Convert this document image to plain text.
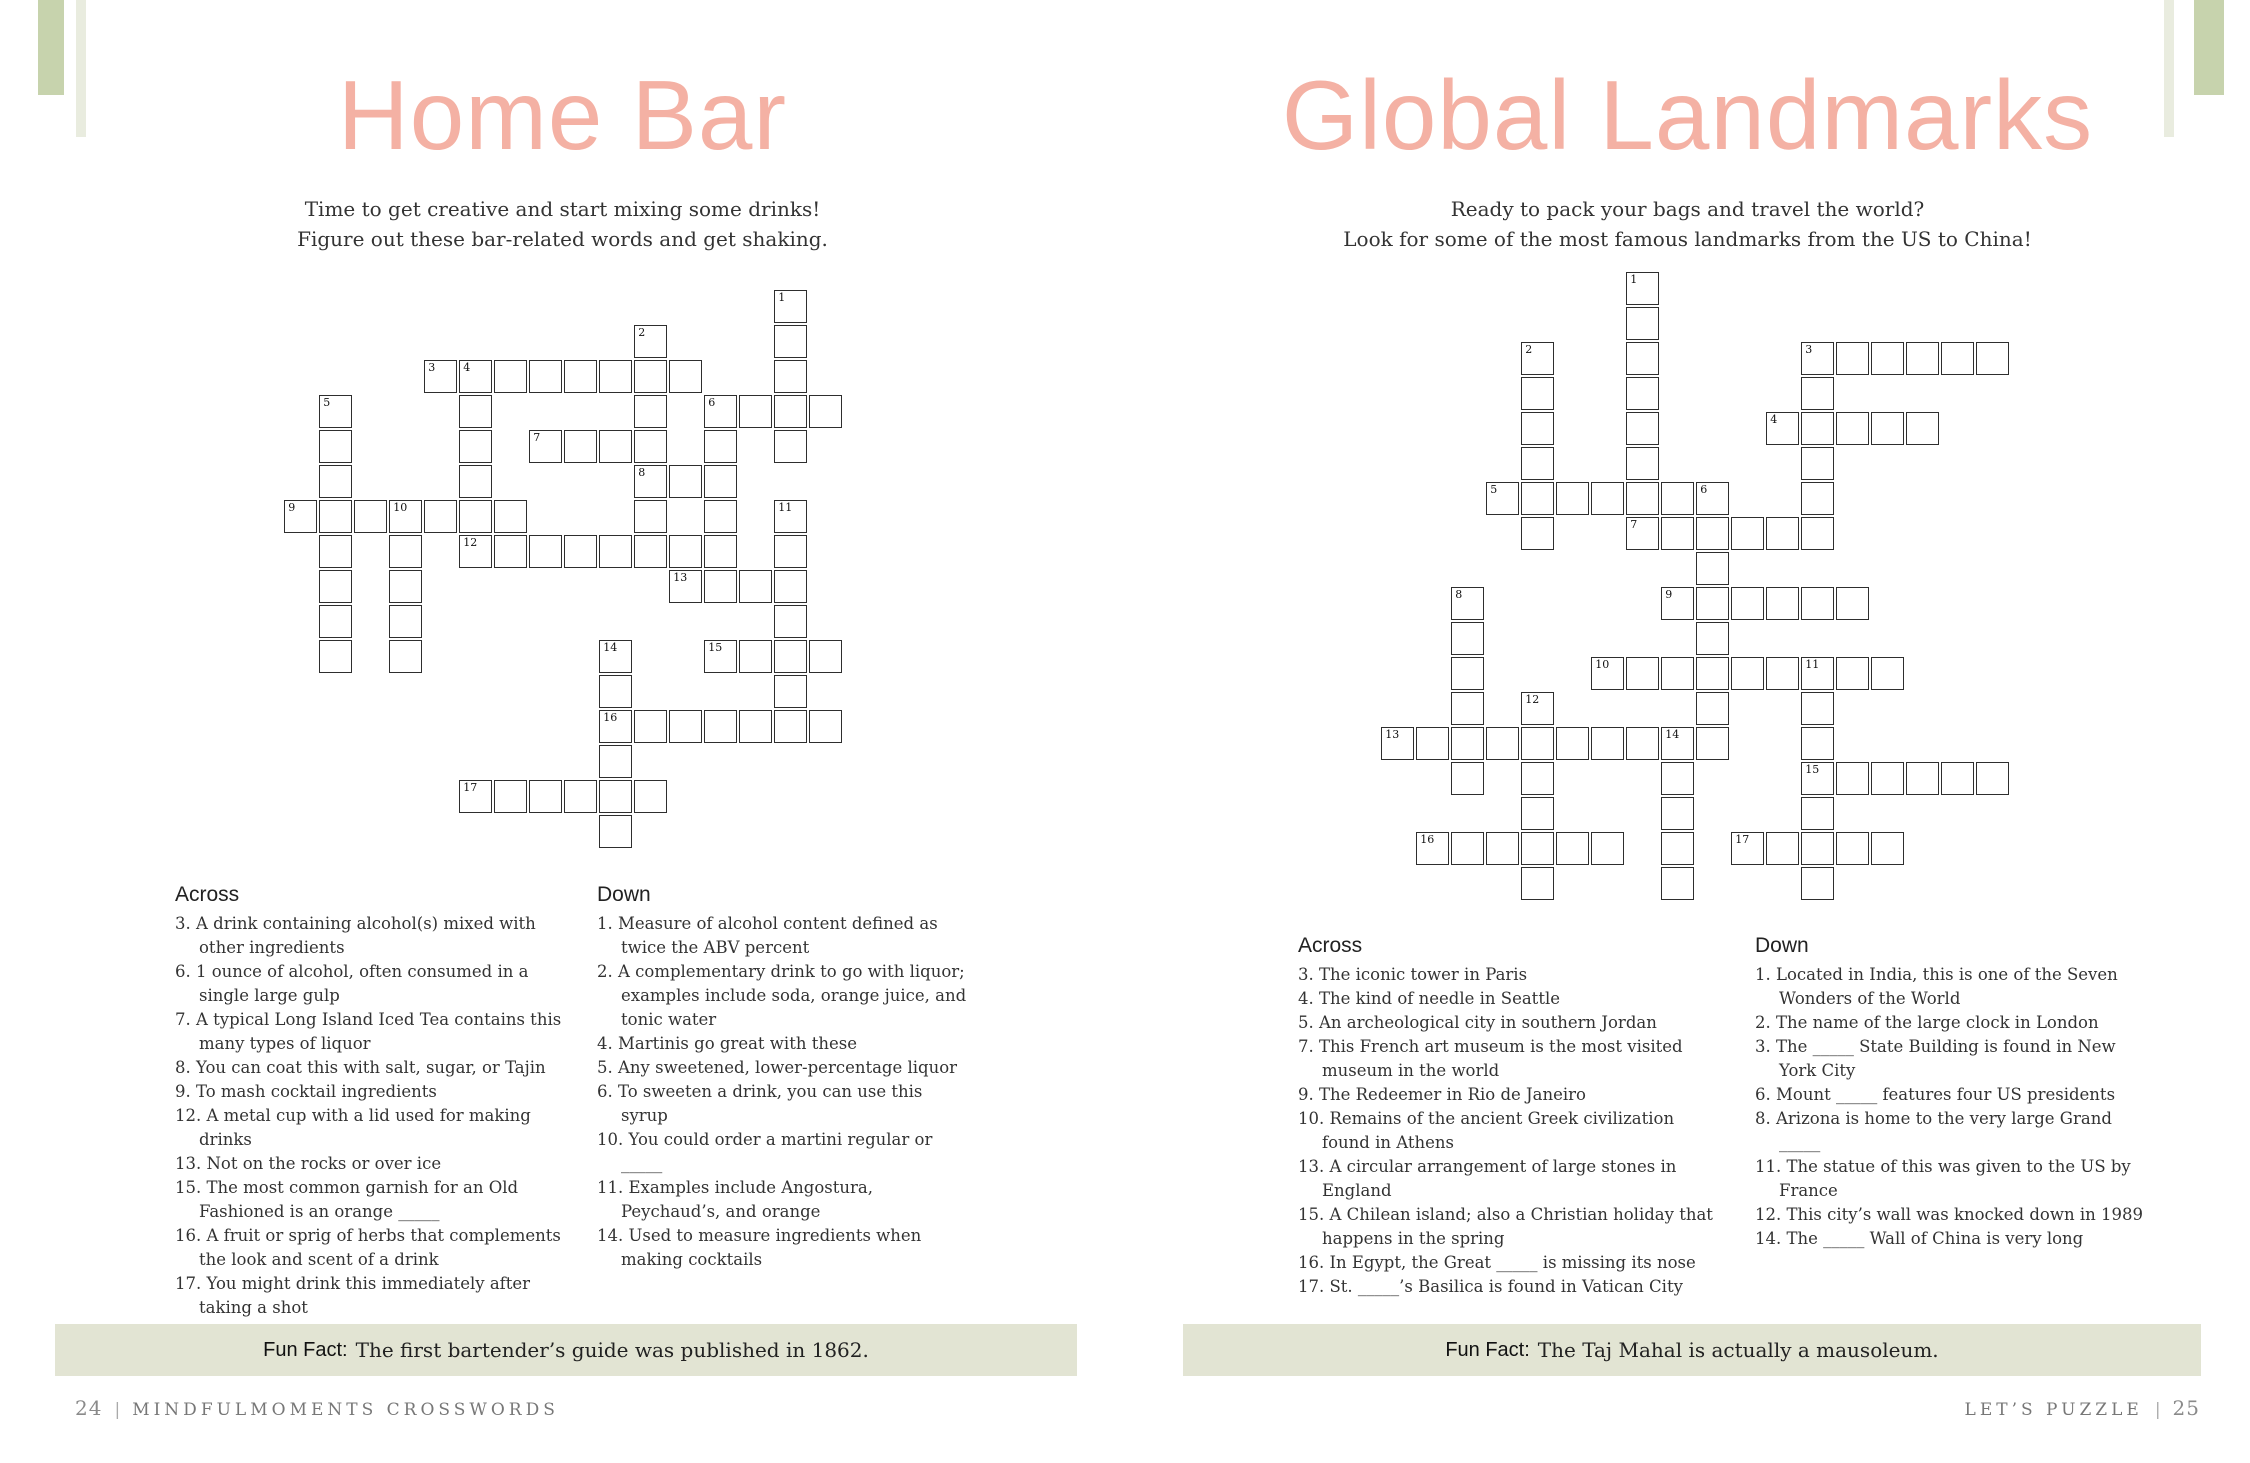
Home Bar
Time to get creative and start mixing some drinks!
Figure out these bar-related words and get shaking.
3	4
6
7
8
9	10
12
13
15
16
17
1
2
5
11
14
Across
3. A drink containing alcohol(s) mixed with other ingredients
6. 1 ounce of alcohol, often consumed in a single large gulp
7. A typical Long Island Iced Tea contains this many types of liquor
8. You can coat this with salt, sugar, or Tajin
9. To mash cocktail ingredients
12. A metal cup with a lid used for making drinks
13. Not on the rocks or over ice
15. The most common garnish for an Old Fashioned is an orange _____
16. A fruit or sprig of herbs that complements the look and scent of a drink
17. You might drink this immediately after taking a shot
Down
1. Measure of alcohol content defined as twice the ABV percent
2. A complementary drink to go with liquor; examples include soda, orange juice, and tonic water
4. Martinis go great with these
5. Any sweetened, lower-percentage liquor
6. To sweeten a drink, you can use this syrup
10. You could order a martini regular or _____
11. Examples include Angostura, Peychaud’s, and orange
14. Used to measure ingredients when making cocktails
Fun Fact: The first bartender’s guide was published in 1862.
24 | MINDFULMOMENTS CROSSWORDS
Global Landmarks
Ready to pack your bags and travel the world?
Look for some of the most famous landmarks from the US to China!
3
4
5
7
9
10	11
13	14
15
16	17
1
2
6
8
12
Across
3. The iconic tower in Paris
4. The kind of needle in Seattle
5. An archeological city in southern Jordan
7. This French art museum is the most visited museum in the world
9. The Redeemer in Rio de Janeiro
10. Remains of the ancient Greek civilization found in Athens
13. A circular arrangement of large stones in England
15. A Chilean island; also a Christian holiday that happens in the spring
16. In Egypt, the Great _____ is missing its nose
17. St. _____’s Basilica is found in Vatican City
Down
1. Located in India, this is one of the Seven Wonders of the World
2. The name of the large clock in London
3. The _____ State Building is found in New York City
6. Mount _____ features four US presidents
8. Arizona is home to the very large Grand _____
11. The statue of this was given to the US by France
12. This city’s wall was knocked down in 1989
14. The _____ Wall of China is very long
Fun Fact: The Taj Mahal is actually a mausoleum.
LET’S PUZZLE | 25
